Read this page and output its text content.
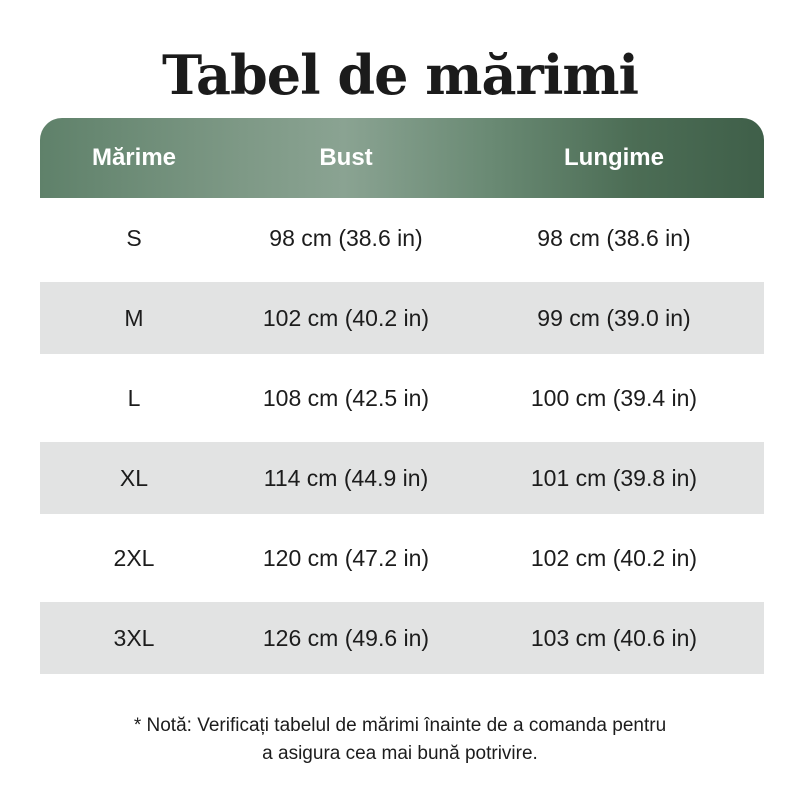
Tabel de mărimi
Mărime	Bust	Lungime
S	98 cm (38.6 in)	98 cm (38.6 in)
M	102 cm (40.2 in)	99 cm (39.0 in)
L	108 cm (42.5 in)	100 cm (39.4 in)
XL	114 cm (44.9 in)	101 cm (39.8 in)
2XL	120 cm (47.2 in)	102 cm (40.2 in)
3XL	126 cm (49.6 in)	103 cm (40.6 in)
* Notă: Verificați tabelul de mărimi înainte de a comanda pentru
a asigura cea mai bună potrivire.
